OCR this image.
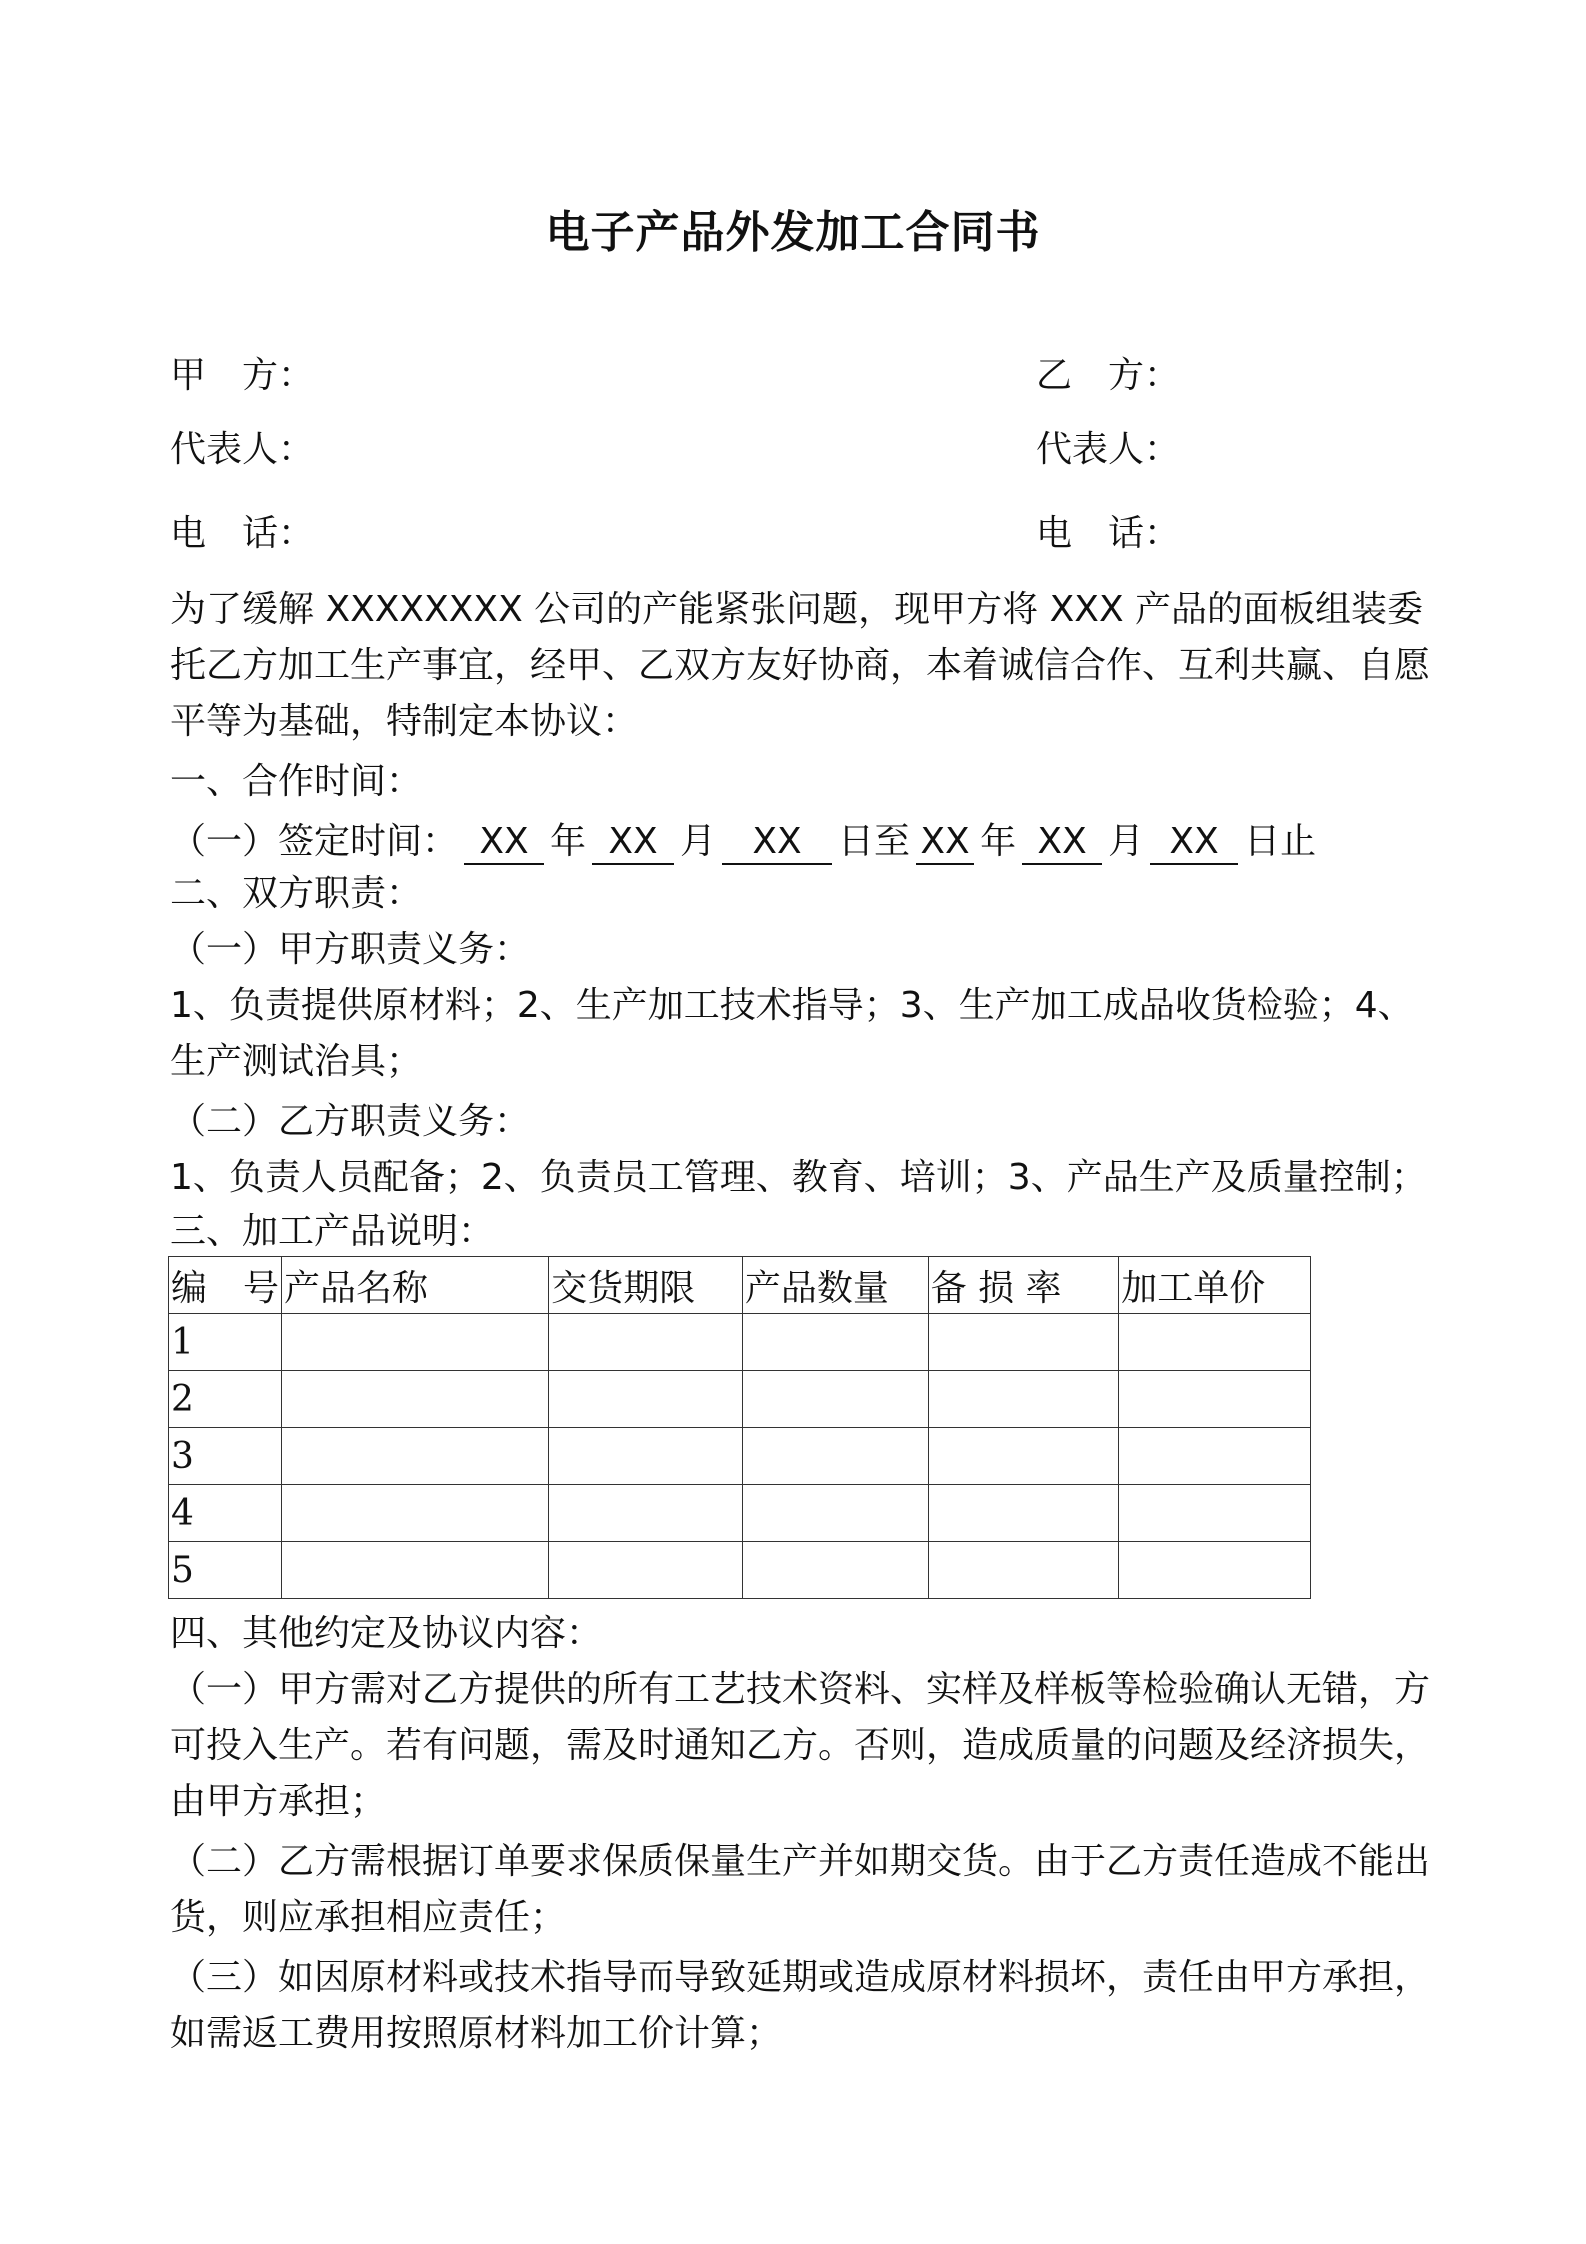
电子产品外发加工合同书
甲　方：	乙　方：
代表人：	代表人：
电　话：	电　话：
为了缓解 XXXXXXXX 公司的产能紧张问题，现甲方将 XXX 产品的面板组装委托乙方加工生产事宜，经甲、乙双方友好协商，本着诚信合作、互利共赢、自愿平等为基础，特制定本协议：
一、合作时间：
（一）签定时间： XX 年 XX 月 XX 日至 XX 年 XX 月 XX 日止
二、双方职责：
（一）甲方职责义务：
1、负责提供原材料；2、生产加工技术指导；3、生产加工成品收货检验；4、生产测试治具；
（二）乙方职责义务：
1、负责人员配备；2、负责员工管理、教育、培训；3、产品生产及质量控制；
三、加工产品说明：
编　号	产品名称	交货期限	产品数量	备 损 率	加工单价
1					
2					
3					
4					
5					
四、其他约定及协议内容：
（一）甲方需对乙方提供的所有工艺技术资料、实样及样板等检验确认无错，方可投入生产。若有问题，需及时通知乙方。否则，造成质量的问题及经济损失，由甲方承担；
（二）乙方需根据订单要求保质保量生产并如期交货。由于乙方责任造成不能出货，则应承担相应责任；
（三）如因原材料或技术指导而导致延期或造成原材料损坏，责任由甲方承担，如需返工费用按照原材料加工价计算；
